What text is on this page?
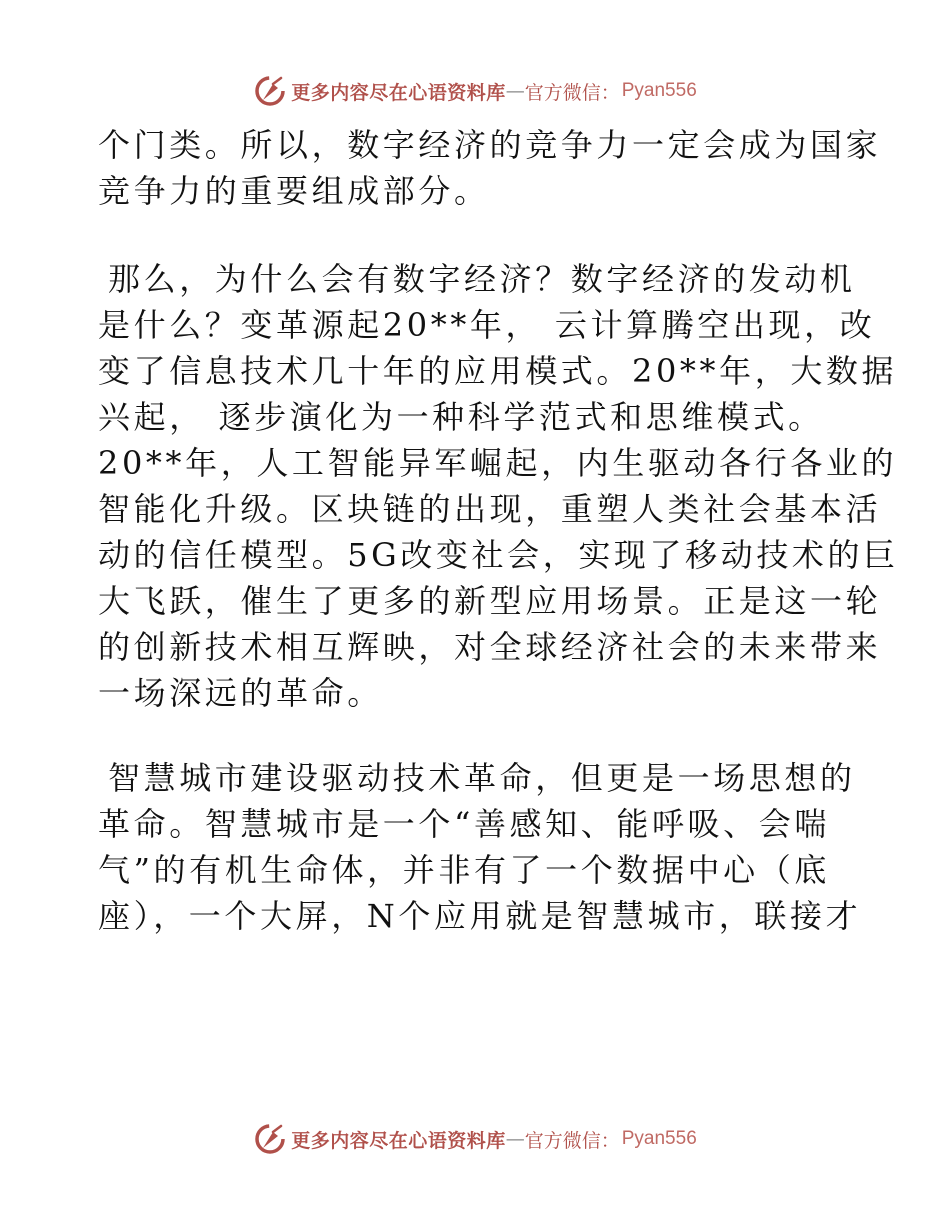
更多内容尽在心语资料库 — 官方微信： Pyan556
个门类。所以，数字经济的竞争力一定会成为国家
竞争力的重要组成部分。
那么，为什么会有数字经济？数字经济的发动机
是什么？变革源起20**年， 云计算腾空出现，改
变了信息技术几十年的应用模式。20**年，大数据
兴起， 逐步演化为一种科学范式和思维模式。
20**年，人工智能异军崛起，内生驱动各行各业的
智能化升级。区块链的出现，重塑人类社会基本活
动的信任模型。5G改变社会，实现了移动技术的巨
大飞跃，催生了更多的新型应用场景。正是这一轮
的创新技术相互辉映，对全球经济社会的未来带来
一场深远的革命。
智慧城市建设驱动技术革命，但更是一场思想的
革命。智慧城市是一个“善感知、能呼吸、会喘
气”的有机生命体，并非有了一个数据中心（底
座），一个大屏，N个应用就是智慧城市，联接才
更多内容尽在心语资料库 — 官方微信： Pyan556
